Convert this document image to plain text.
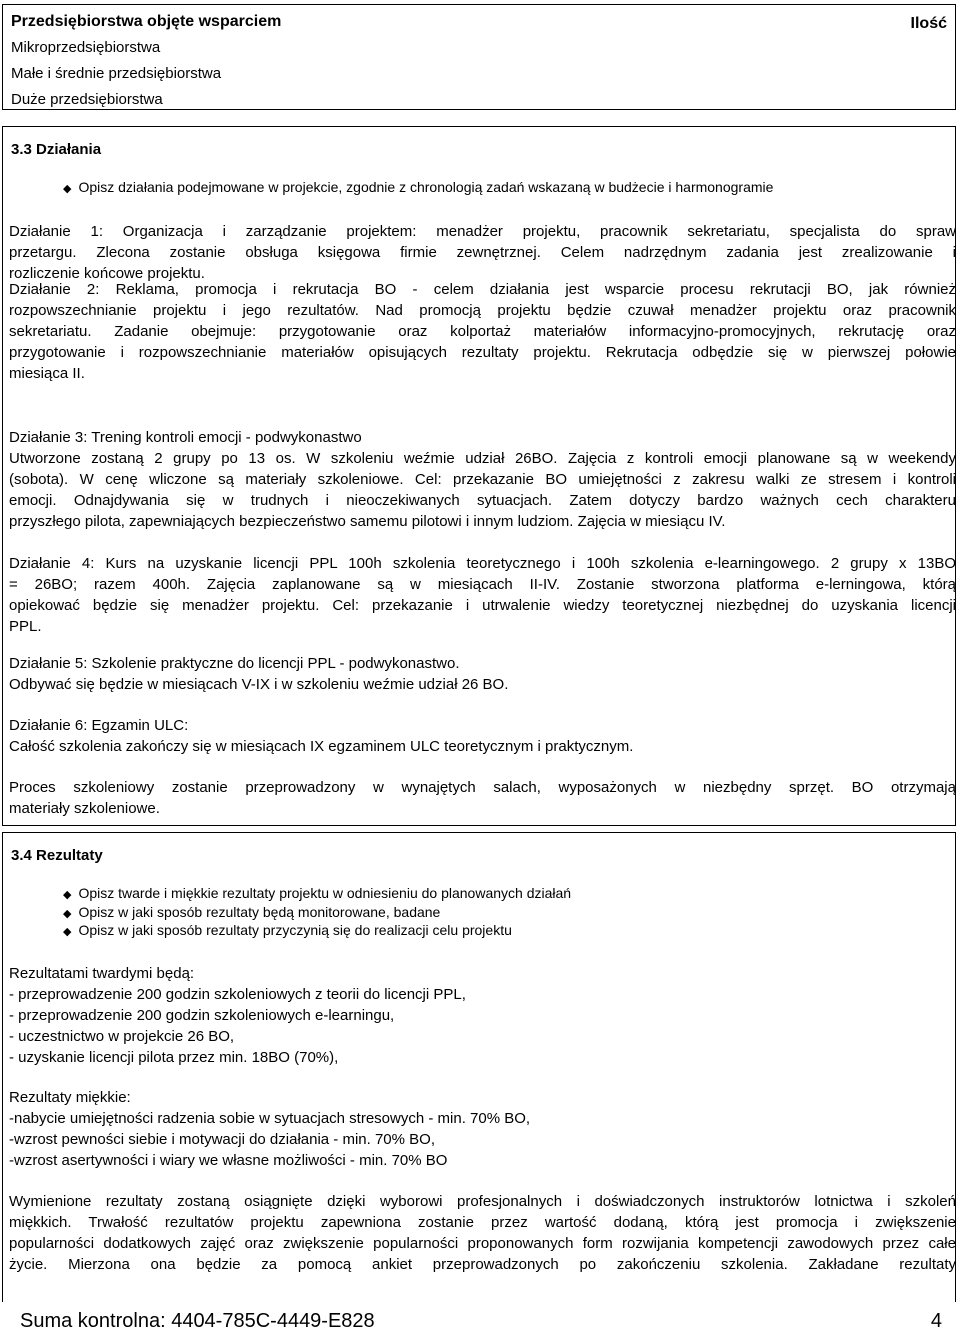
Przedsiębiorstwa objęte wsparciem	Ilość
Mikroprzedsiębiorstwa
Małe i średnie przedsiębiorstwa
Duże przedsiębiorstwa
3.3 Działania
◆ Opisz działania podejmowane w projekcie, zgodnie z chronologią zadań wskazaną w budżecie i harmonogramie
Działanie 1: Organizacja i zarządzanie projektem: menadżer projektu, pracownik sekretariatu, specjalista do spraw
przetargu. Zlecona zostanie obsługa księgowa firmie zewnętrznej. Celem nadrzędnym zadania jest zrealizowanie i
rozliczenie końcowe projektu.
Działanie 2: Reklama, promocja i rekrutacja BO - celem działania jest wsparcie procesu rekrutacji BO, jak również
rozpowszechnianie projektu i jego rezultatów. Nad promocją projektu będzie czuwał menadżer projektu oraz pracownik
sekretariatu. Zadanie obejmuje: przygotowanie oraz kolportaż materiałów informacyjno-promocyjnych, rekrutację oraz
przygotowanie i rozpowszechnianie materiałów opisujących rezultaty projektu. Rekrutacja odbędzie się w pierwszej połowie
miesiąca II.
Działanie 3: Trening kontroli emocji - podwykonastwo
Utworzone zostaną 2 grupy po 13 os. W szkoleniu weźmie udział 26BO. Zajęcia z kontroli emocji planowane są w weekendy
(sobota). W cenę wliczone są materiały szkoleniowe. Cel: przekazanie BO umiejętności z zakresu walki ze stresem i kontroli
emocji. Odnajdywania się w trudnych i nieoczekiwanych sytuacjach. Zatem dotyczy bardzo ważnych cech charakteru
przyszłego pilota, zapewniających bezpieczeństwo samemu pilotowi i innym ludziom. Zajęcia w miesiącu IV.
Działanie 4: Kurs na uzyskanie licencji PPL 100h szkolenia teoretycznego i 100h szkolenia e-learningowego. 2 grupy x 13BO
= 26BO; razem 400h. Zajęcia zaplanowane są w miesiącach II-IV. Zostanie stworzona platforma e-lerningowa, którą
opiekować będzie się menadżer projektu. Cel: przekazanie i utrwalenie wiedzy teoretycznej niezbędnej do uzyskania licencji
PPL.
Działanie 5: Szkolenie praktyczne do licencji PPL - podwykonastwo.
Odbywać się będzie w miesiącach V-IX i w szkoleniu weźmie udział 26 BO.
Działanie 6: Egzamin ULC:
Całość szkolenia zakończy się w miesiącach IX egzaminem ULC teoretycznym i praktycznym.
Proces szkoleniowy zostanie przeprowadzony w wynajętych salach, wyposażonych w niezbędny sprzęt. BO otrzymają
materiały szkoleniowe.
3.4 Rezultaty
◆ Opisz twarde i miękkie rezultaty projektu w odniesieniu do planowanych działań
◆ Opisz w jaki sposób rezultaty będą monitorowane, badane
◆ Opisz w jaki sposób rezultaty przyczynią się do realizacji celu projektu
Rezultatami twardymi będą:
- przeprowadzenie 200 godzin szkoleniowych z teorii do licencji PPL,
- przeprowadzenie 200 godzin szkoleniowych e-learningu,
- uczestnictwo w projekcie 26 BO,
- uzyskanie licencji pilota przez min. 18BO (70%),
Rezultaty miękkie:
-nabycie umiejętności radzenia sobie w sytuacjach stresowych - min. 70% BO,
-wzrost pewności siebie i motywacji do działania - min. 70% BO,
-wzrost asertywności i wiary we własne możliwości - min. 70% BO
Wymienione rezultaty zostaną osiągnięte dzięki wyborowi profesjonalnych i doświadczonych instruktorów lotnictwa i szkoleń
miękkich. Trwałość rezultatów projektu zapewniona zostanie przez wartość dodaną, którą jest promocja i zwiększenie
popularności dodatkowych zajęć oraz zwiększenie popularności proponowanych form rozwijania kompetencji zawodowych przez całe
życie. Mierzona ona będzie za pomocą ankiet przeprowadzonych po zakończeniu szkolenia. Zakładane rezultaty
Suma kontrolna: 4404-785C-4449-E828	4
